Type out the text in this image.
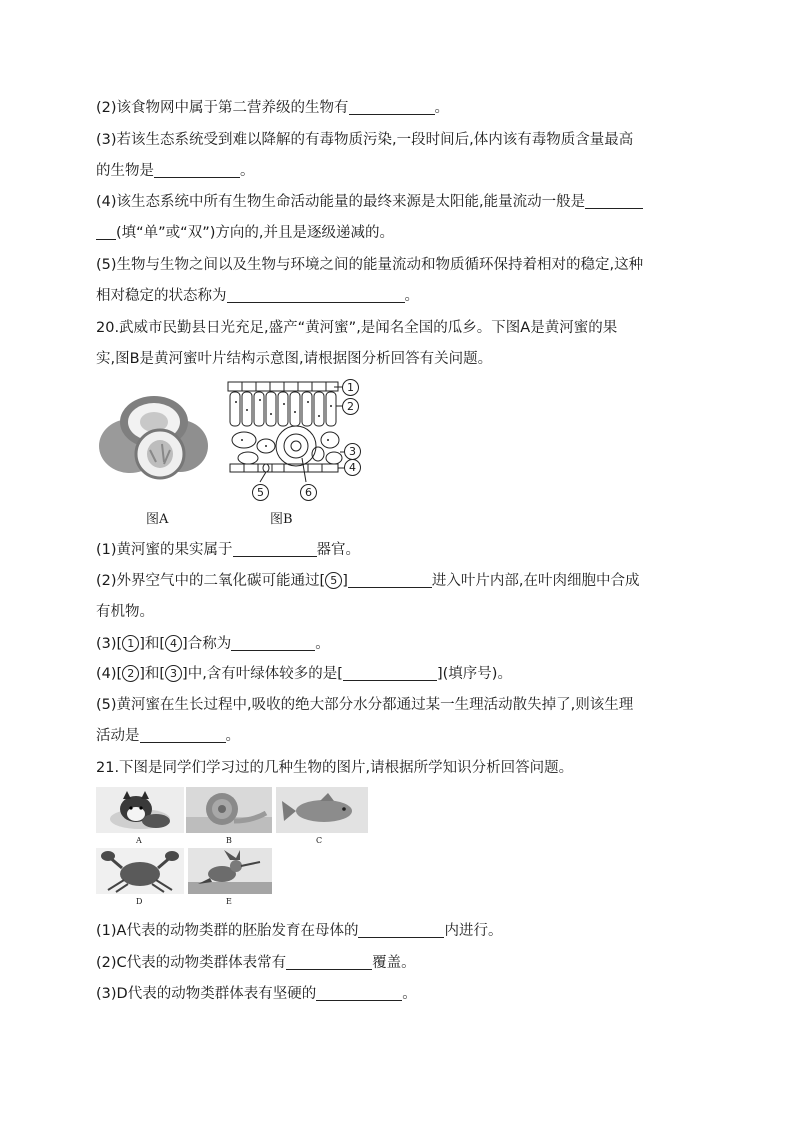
(2)该食物网中属于第二营养级的生物有	。
(3)若该生态系统受到难以降解的有毒物质污染,一段时间后,体内该有毒物质含量最高
的生物是	。
(4)该生态系统中所有生物生命活动能量的最终来源是太阳能,能量流动一般是
(填“单”或“双”)方向的,并且是逐级递减的。
(5)生物与生物之间以及生物与环境之间的能量流动和物质循环保持着相对的稳定,这种
相对稳定的状态称为	。
20.武威市民勤县日光充足,盛产“黄河蜜”,是闻名全国的瓜乡。下图A是黄河蜜的果
实,图B是黄河蜜叶片结构示意图,请根据图分析回答有关问题。
1
2
3
4
5	6
图A	图B
(1)黄河蜜的果实属于	器官。
(2)外界空气中的二氧化碳可能通过[ 5 ]	进入叶片内部,在叶肉细胞中合成
有机物。
(3)[ 1 ]和[ 4 ]合称为	。
(4)[ 2 ]和[ 3 ]中,含有叶绿体较多的是[	](填序号)。
(5)黄河蜜在生长过程中,吸收的绝大部分水分都通过某一生理活动散失掉了,则该生理
活动是	。
21.下图是同学们学习过的几种生物的图片,请根据所学知识分析回答问题。
A	B	C
D	E
(1)A代表的动物类群的胚胎发育在母体的	内进行。
(2)C代表的动物类群体表常有	覆盖。
(3)D代表的动物类群体表有坚硬的	。
